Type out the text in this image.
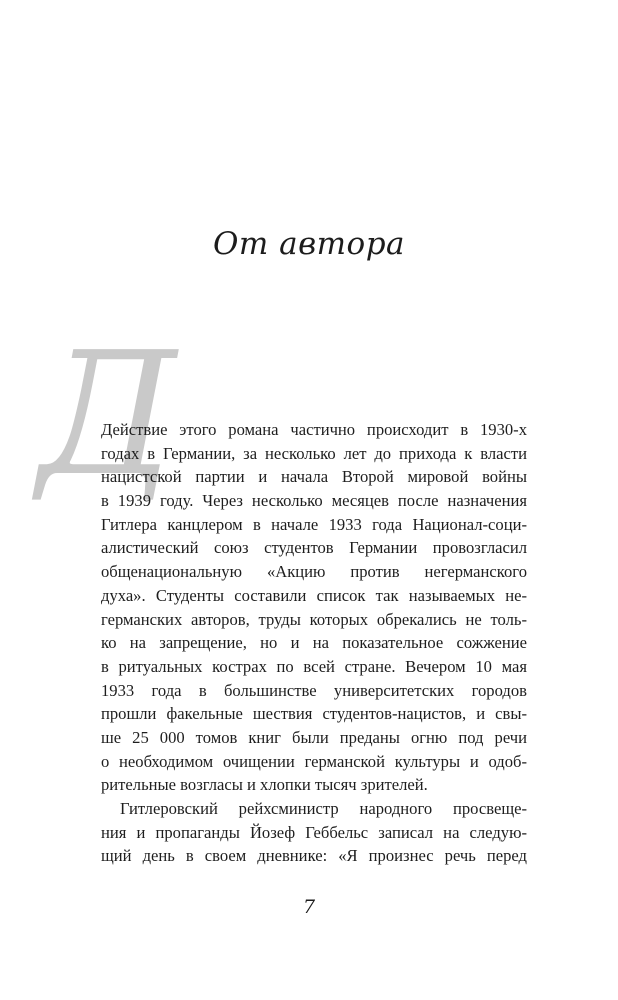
От автора
Д
Действие этого романа частично происходит в 1930-х
годах в Германии, за несколько лет до прихода к власти
нацистской партии и начала Второй мировой войны
в 1939 году. Через несколько месяцев после назначения
Гитлера канцлером в начале 1933 года Национал-соци-
алистический союз студентов Германии провозгласил
общенациональную «Акцию против негерманского
духа». Студенты составили список так называемых не-
германских авторов, труды которых обрекались не толь-
ко на запрещение, но и на показательное сожжение
в ритуальных кострах по всей стране. Вечером 10 мая
1933 года в большинстве университетских городов
прошли факельные шествия студентов-нацистов, и свы-
ше 25 000 томов книг были преданы огню под речи
о необходимом очищении германской культуры и одоб-
рительные возгласы и хлопки тысяч зрителей.
Гитлеровский рейхсминистр народного просвеще-
ния и пропаганды Йозеф Геббельс записал на следую-
щий день в своем дневнике: «Я произнес речь перед
7
